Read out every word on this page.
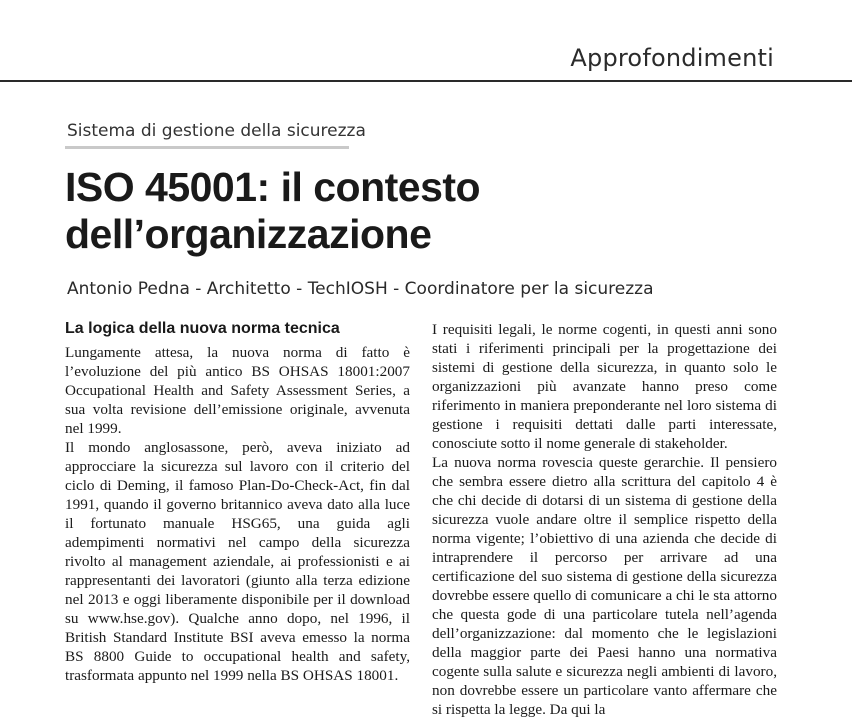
Approfondimenti
Sistema di gestione della sicurezza
ISO 45001: il contesto
dell’organizzazione
Antonio Pedna - Architetto - TechIOSH - Coordinatore per la sicurezza
La logica della nuova norma tecnica

Lungamente attesa, la nuova norma di fatto è l’evoluzione del più antico BS OHSAS 18001:2007 Occupational Health and Safety Assessment Series, a sua volta revisione dell’emissione originale, avvenuta nel 1999.

Il mondo anglosassone, però, aveva iniziato ad approcciare la sicurezza sul lavoro con il criterio del ciclo di Deming, il famoso Plan-Do-Check-Act, fin dal 1991, quando il governo britannico aveva dato alla luce il fortunato manuale HSG65, una guida agli adempimenti normativi nel campo della sicurezza rivolto al management aziendale, ai professionisti e ai rappresentanti dei lavoratori (giunto alla terza edizione nel 2013 e oggi liberamente disponibile per il download su www.hse.gov). Qualche anno dopo, nel 1996, il British Standard Institute BSI aveva emesso la norma BS 8800 Guide to occupational health and safety, trasformata appunto nel 1999 nella BS OHSAS 18001.

I requisiti legali, le norme cogenti, in questi anni sono stati i riferimenti principali per la progettazione dei sistemi di gestione della sicurezza, in quanto solo le organizzazioni più avanzate hanno preso come riferimento in maniera preponderante nel loro sistema di gestione i requisiti dettati dalle parti interessate, conosciute sotto il nome generale di stakeholder.

La nuova norma rovescia queste gerarchie. Il pensiero che sembra essere dietro alla scrittura del capitolo 4 è che chi decide di dotarsi di un sistema di gestione della sicurezza vuole andare oltre il semplice rispetto della norma vigente; l’obiettivo di una azienda che decide di intraprendere il percorso per arrivare ad una certificazione del suo sistema di gestione della sicurezza dovrebbe essere quello di comunicare a chi le sta attorno che questa gode di una particolare tutela nell’agenda dell’organizzazione: dal momento che le legislazioni della maggior parte dei Paesi hanno una normativa cogente sulla salute e sicurezza negli ambienti di lavoro, non dovrebbe essere un particolare vanto affermare che si rispetta la legge. Da qui la
